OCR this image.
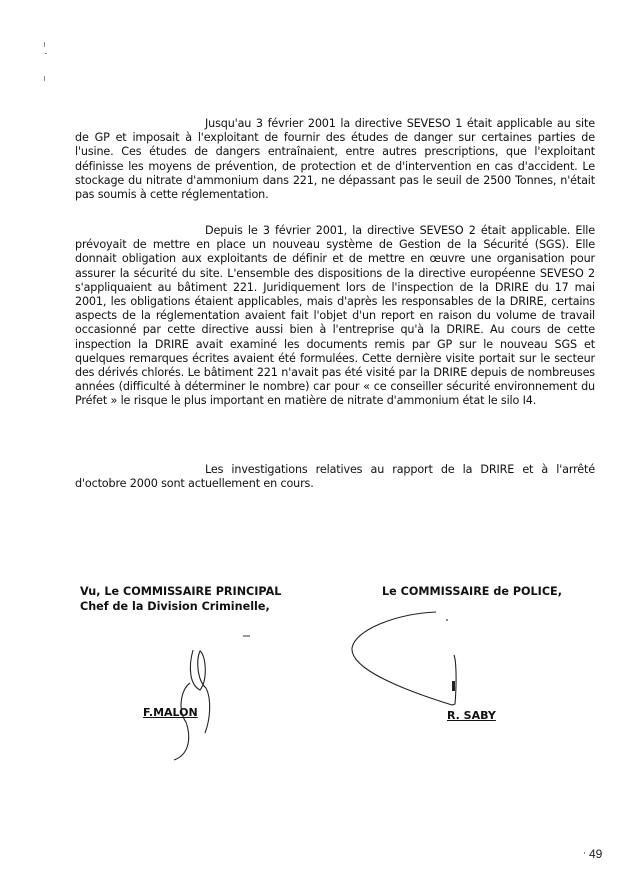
Jusqu'au 3 février 2001 la directive SEVESO 1 était applicable au site de GP et imposait à l'exploitant de fournir des études de danger sur certaines parties de l'usine. Ces études de dangers entraînaient, entre autres prescriptions, que l'exploitant définisse les moyens de prévention, de protection et de d'intervention en cas d'accident. Le stockage du nitrate d'ammonium dans 221, ne dépassant pas le seuil de 2500 Tonnes, n'était pas soumis à cette réglementation.
Depuis le 3 février 2001, la directive SEVESO 2 était applicable. Elle prévoyait de mettre en place un nouveau système de Gestion de la Sécurité (SGS). Elle donnait obligation aux exploitants de définir et de mettre en œuvre une organisation pour assurer la sécurité du site. L'ensemble des dispositions de la directive européenne SEVESO 2 s'appliquaient au bâtiment 221. Juridiquement lors de l'inspection de la DRIRE du 17 mai 2001, les obligations étaient applicables, mais d'après les responsables de la DRIRE, certains aspects de la réglementation avaient fait l'objet d'un report en raison du volume de travail occasionné par cette directive aussi bien à l'entreprise qu'à la DRIRE. Au cours de cette inspection la DRIRE avait examiné les documents remis par GP sur le nouveau SGS et quelques remarques écrites avaient été formulées. Cette dernière visite portait sur le secteur des dérivés chlorés. Le bâtiment 221 n'avait pas été visité par la DRIRE depuis de nombreuses années (difficulté à déterminer le nombre) car pour « ce conseiller sécurité environnement du Préfet » le risque le plus important en matière de nitrate d'ammonium état le silo I4.
Les investigations relatives au rapport de la DRIRE et à l'arrêté d'octobre 2000 sont actuellement en cours.
Vu, Le COMMISSAIRE PRINCIPAL
Chef de la Division Criminelle,
Le COMMISSAIRE de POLICE,
F.MALON	R. SABY
49
